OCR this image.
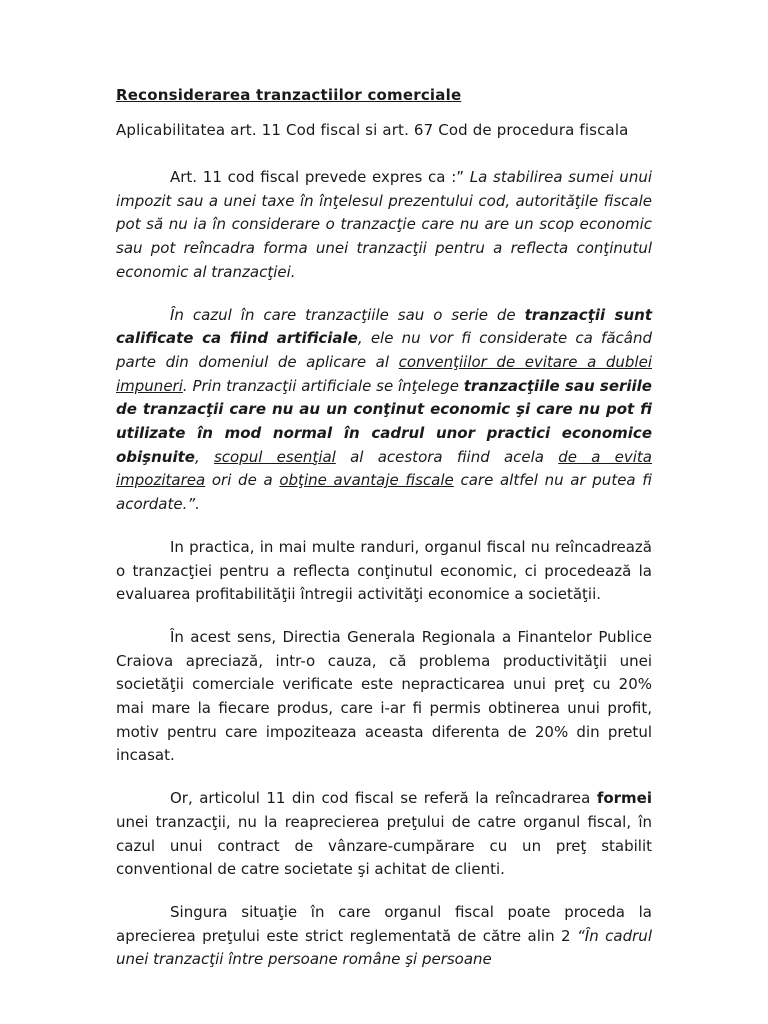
Reconsiderarea tranzactiilor comerciale

Aplicabilitatea art. 11 Cod fiscal si art. 67 Cod de procedura fiscala

Art. 11 cod fiscal prevede expres ca :” La stabilirea sumei unui impozit sau a unei taxe în înţelesul prezentului cod, autorităţile fiscale pot să nu ia în considerare o tranzacţie care nu are un scop economic sau pot reîncadra forma unei tranzacţii pentru a reflecta conţinutul economic al tranzacţiei.

În cazul în care tranzacţiile sau o serie de tranzacţii sunt calificate ca fiind artificiale, ele nu vor fi considerate ca făcând parte din domeniul de aplicare al convenţiilor de evitare a dublei impuneri. Prin tranzacţii artificiale se înţelege tranzacţiile sau seriile de tranzacţii care nu au un conţinut economic şi care nu pot fi utilizate în mod normal în cadrul unor practici economice obişnuite, scopul esenţial al acestora fiind acela de a evita impozitarea ori de a obţine avantaje fiscale care altfel nu ar putea fi acordate.”.

In practica, in mai multe randuri, organul fiscal nu reîncadrează o tranzacţiei pentru a reflecta conţinutul economic, ci procedează la evaluarea profitabilităţii întregii activităţi economice a societăţii.

În acest sens, Directia Generala Regionala a Finantelor Publice Craiova apreciază, intr-o cauza, că problema productivităţii unei societăţii comerciale verificate este nepracticarea unui preţ cu 20% mai mare la fiecare produs, care i-ar fi permis obtinerea unui profit, motiv pentru care impoziteaza aceasta diferenta de 20% din pretul incasat.

Or, articolul 11 din cod fiscal se referă la reîncadrarea formei unei tranzacţii, nu la reaprecierea preţului de catre organul fiscal, în cazul unui contract de vânzare-cumpărare cu un preţ stabilit conventional de catre societate şi achitat de clienti.

Singura situaţie în care organul fiscal poate proceda la aprecierea preţului este strict reglementată de către alin 2 “În cadrul unei tranzacţii între persoane române şi persoane
